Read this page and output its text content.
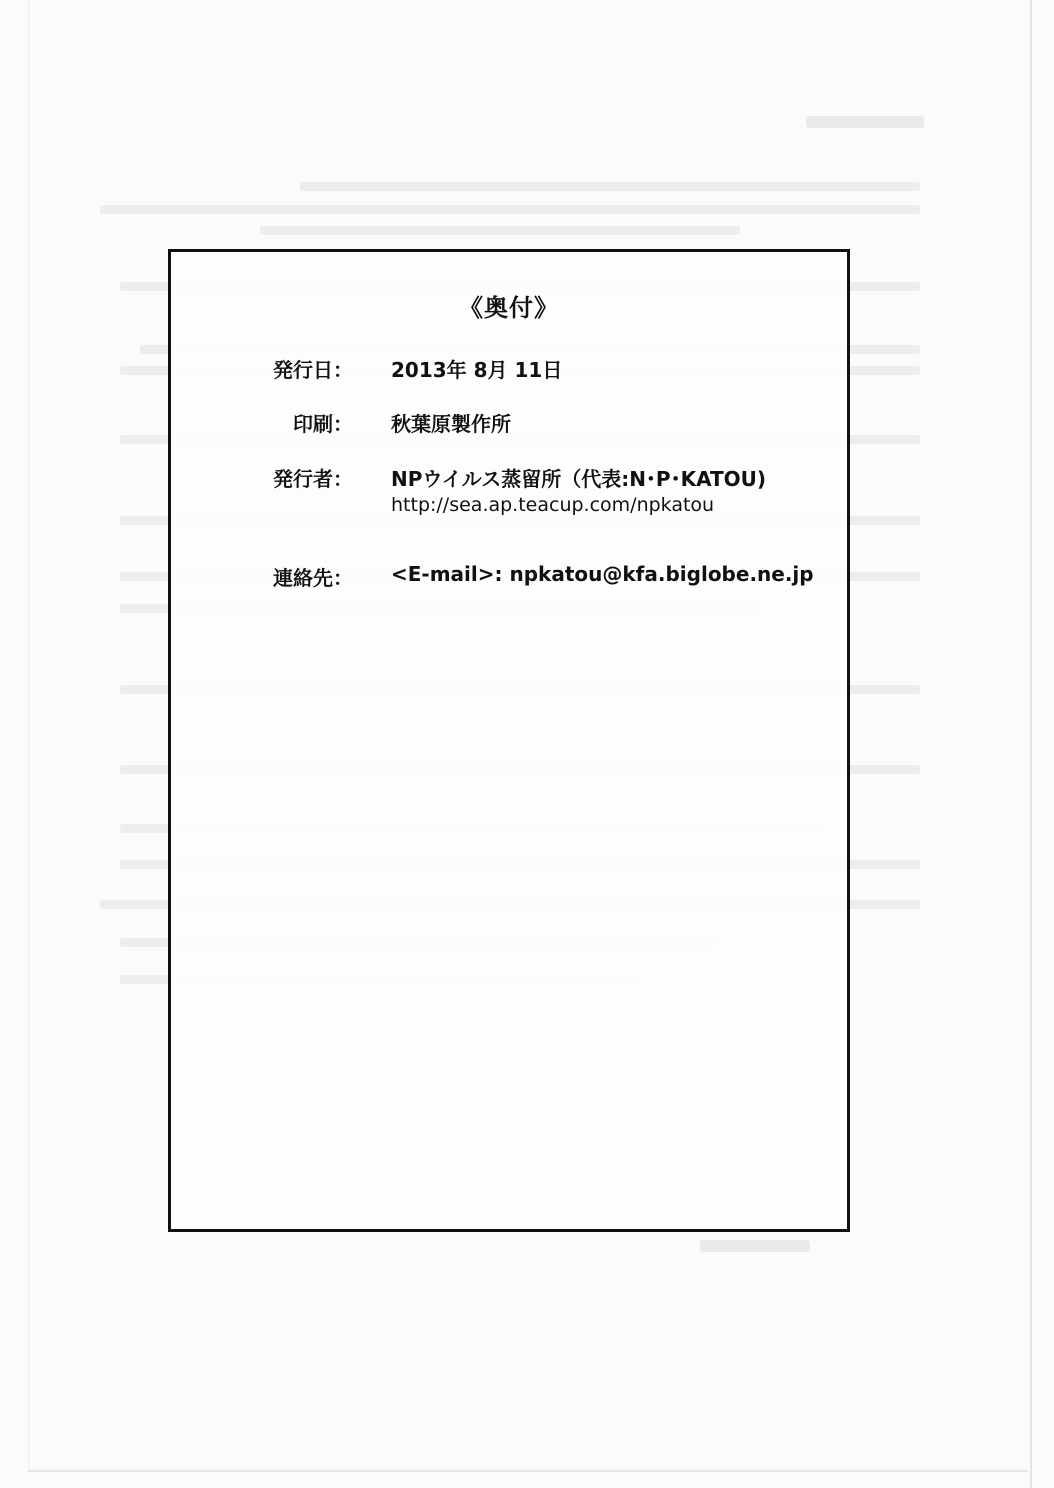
《奥付》
発行日： 2013年 8月 11日
印刷： 秋葉原製作所
発行者： NPウイルス蒸留所（代表:N･P･KATOU)
http://sea.ap.teacup.com/npkatou
連絡先： <E-mail>: npkatou@kfa.biglobe.ne.jp
